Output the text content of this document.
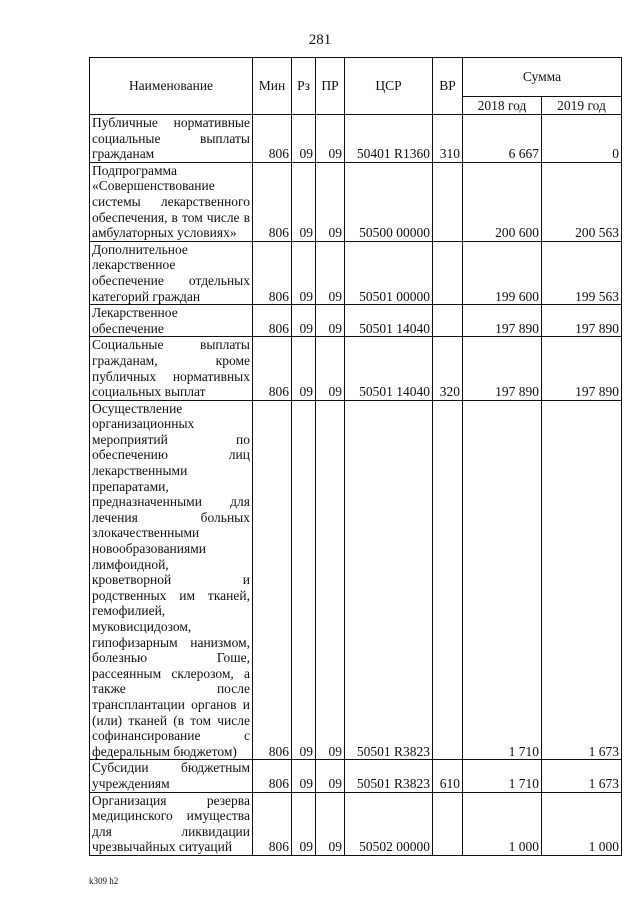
281
Наименование	Мин	Рз	ПР	ЦСР	ВР	Сумма	
						2018 год	2019 год
Публичные нормативные социальные выплаты гражданам	806	09	09	50401 R1360	310	6 667	0
Подпрограмма «Совершенствование системы лекарственного обеспечения, в том числе в амбулаторных условиях»	806	09	09	50500 00000		200 600	200 563
Дополнительное лекарственное обеспечение отдельных категорий граждан	806	09	09	50501 00000		199 600	199 563
Лекарственное обеспечение	806	09	09	50501 14040		197 890	197 890
Социальные выплаты гражданам, кроме публичных нормативных социальных выплат	806	09	09	50501 14040	320	197 890	197 890
Осуществление организационных мероприятий по обеспечению лиц лекарственными препаратами, предназначенными для лечения больных злокачественными новообразованиями лимфоидной, кроветворной и родственных им тканей, гемофилией, муковисцидозом, гипофизарным нанизмом, болезнью Гоше, рассеянным склерозом, а также после трансплантации органов и (или) тканей (в том числе софинансирование с федеральным бюджетом)	806	09	09	50501 R3823		1 710	1 673
Субсидии бюджетным учреждениям	806	09	09	50501 R3823	610	1 710	1 673
Организация резерва медицинского имущества для ликвидации чрезвычайных ситуаций	806	09	09	50502 00000		1 000	1 000
k309 h2
